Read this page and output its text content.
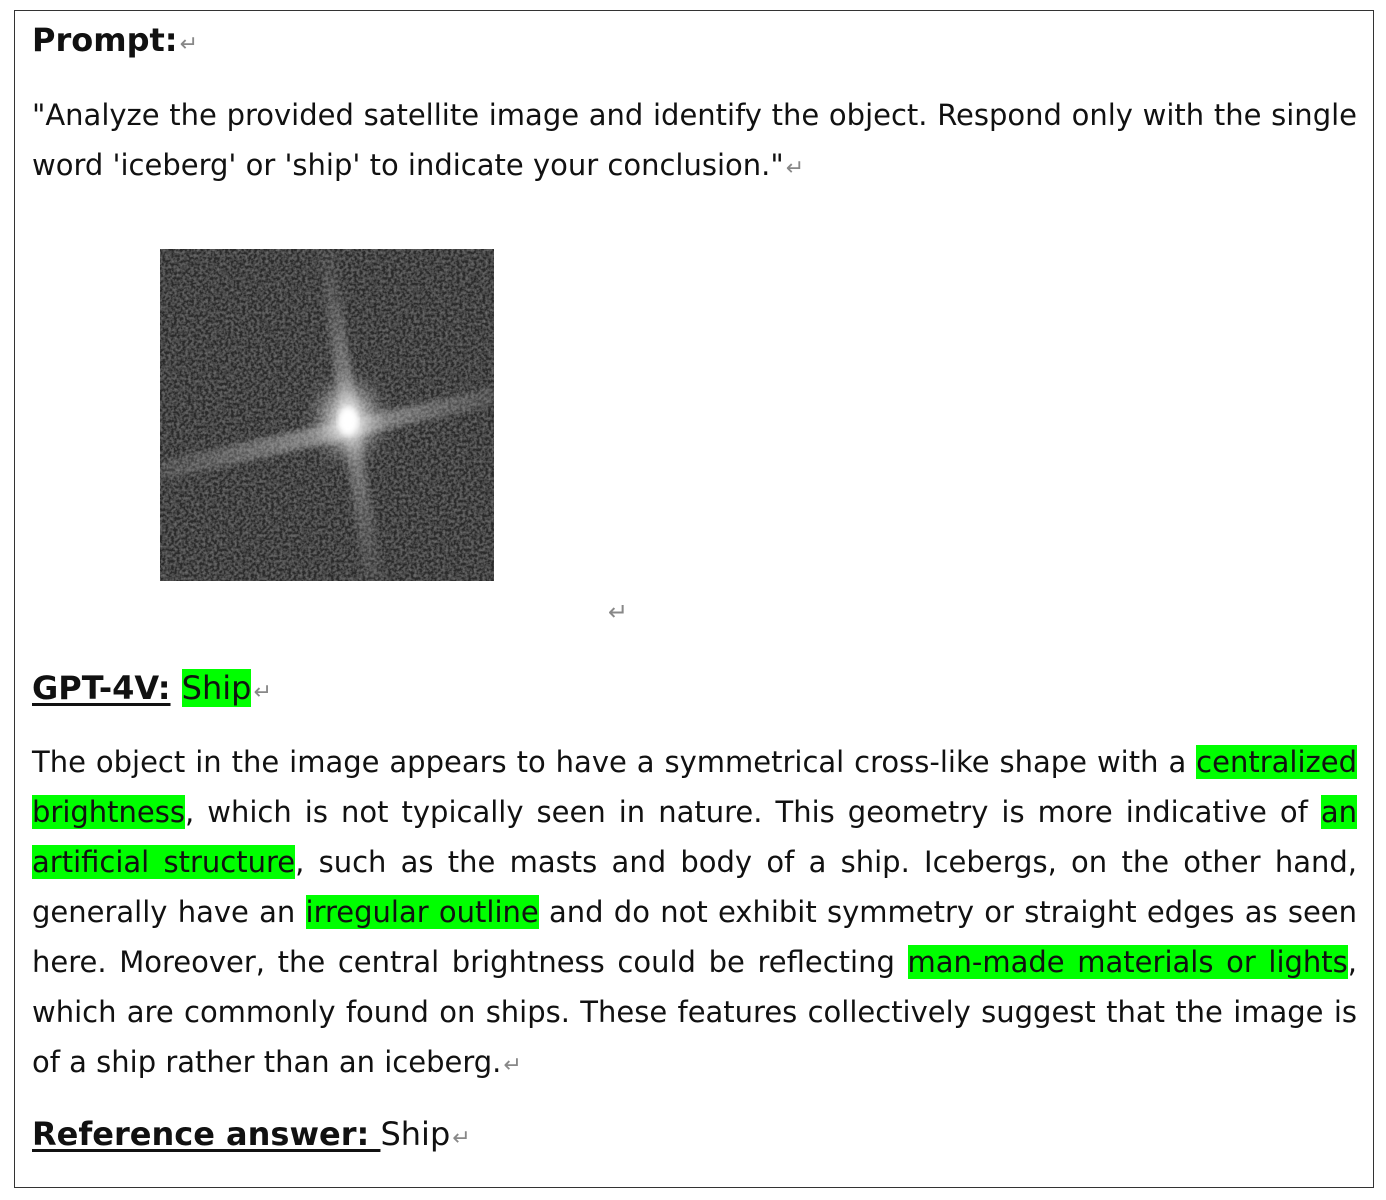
Prompt:↵
"Analyze the provided satellite image and identify the object. Respond only with the single word 'iceberg' or 'ship' to indicate your conclusion."↵
↵
GPT-4V: Ship↵
The object in the image appears to have a symmetrical cross-like shape with a centralized brightness, which is not typically seen in nature. This geometry is more indicative of an artificial structure, such as the masts and body of a ship. Icebergs, on the other hand, generally have an irregular outline and do not exhibit symmetry or straight edges as seen here. Moreover, the central brightness could be reflecting man-made materials or lights, which are commonly found on ships. These features collectively suggest that the image is of a ship rather than an iceberg.↵
Reference answer: Ship↵
